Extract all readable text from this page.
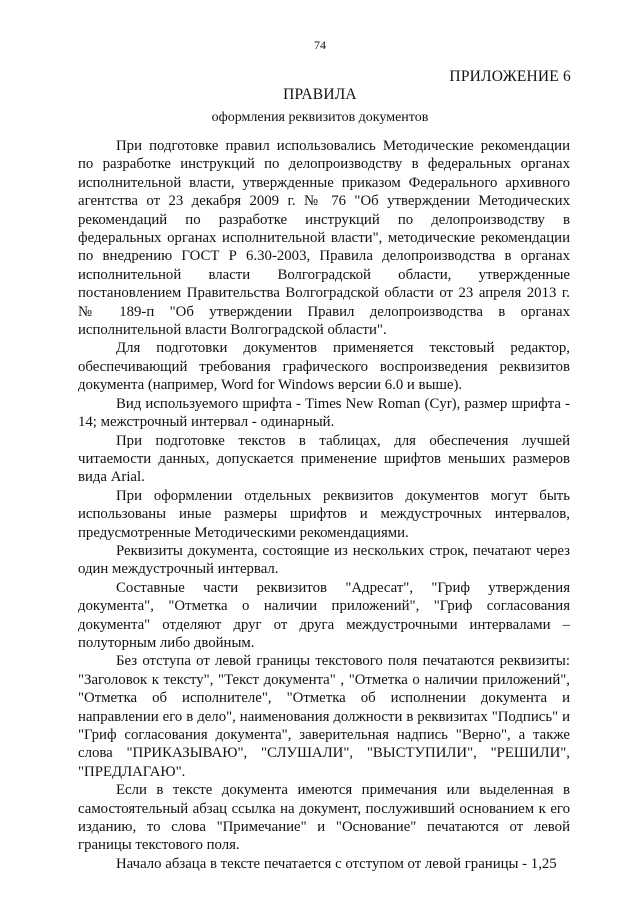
74
ПРИЛОЖЕНИЕ 6
ПРАВИЛА
оформления реквизитов документов

При подготовке правил использовались Методические рекомендации по разработке инструкций по делопроизводству в федеральных органах исполнительной власти, утвержденные приказом Федерального архивного агентства от 23 декабря 2009 г. № 76 "Об утверждении Методических рекомендаций по разработке инструкций по делопроизводству в федеральных органах исполнительной власти", методические рекомендации по внедрению ГОСТ Р 6.30-2003, Правила делопроизводства в органах исполнительной власти Волгоградской области, утвержденные постановлением Правительства Волгоградской области от 23 апреля 2013 г. № 189-п "Об утверждении Правил делопроизводства в органах исполнительной власти Волгоградской области".

Для подготовки документов применяется текстовый редактор, обеспечивающий требования графического воспроизведения реквизитов документа (например, Word for Windows версии 6.0 и выше).

Вид используемого шрифта - Times New Roman (Cyr), размер шрифта - 14; межстрочный интервал - одинарный.

При подготовке текстов в таблицах, для обеспечения лучшей читаемости данных, допускается применение шрифтов меньших размеров вида Arial.

При оформлении отдельных реквизитов документов могут быть использованы иные размеры шрифтов и междустрочных интервалов, предусмотренные Методическими рекомендациями.

Реквизиты документа, состоящие из нескольких строк, печатают через один междустрочный интервал.

Составные части реквизитов "Адресат", "Гриф утверждения документа", "Отметка о наличии приложений", "Гриф согласования документа" отделяют друг от друга междустрочными интервалами – полуторным либо двойным.

Без отступа от левой границы текстового поля печатаются реквизиты: "Заголовок к тексту", "Текст документа" , "Отметка о наличии приложений", "Отметка об исполнителе", "Отметка об исполнении документа и направлении его в дело", наименования должности в реквизитах "Подпись" и "Гриф согласования документа", заверительная надпись "Верно", а также слова "ПРИКАЗЫВАЮ", "СЛУШАЛИ", "ВЫСТУПИЛИ", "РЕШИЛИ", "ПРЕДЛАГАЮ".

Если в тексте документа имеются примечания или выделенная в самостоятельный абзац ссылка на документ, послуживший основанием к его изданию, то слова "Примечание" и "Основание" печатаются от левой границы текстового поля.

Начало абзаца в тексте печатается с отступом от левой границы - 1,25
